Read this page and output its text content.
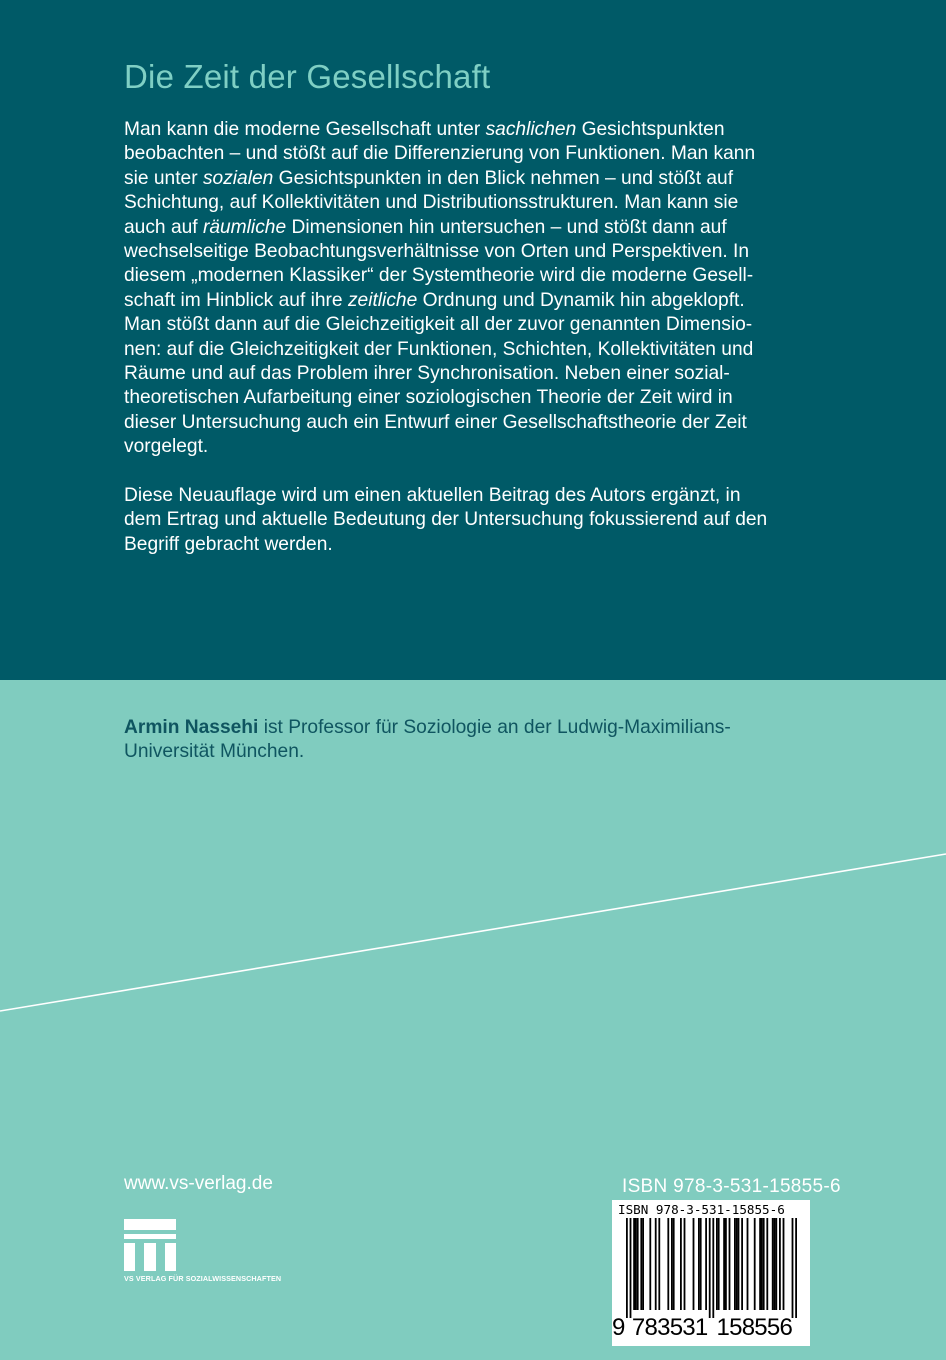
Die Zeit der Gesellschaft

Man kann die moderne Gesellschaft unter sachlichen Gesichtspunkten
beobachten – und stößt auf die Differenzierung von Funktionen. Man kann
sie unter sozialen Gesichtspunkten in den Blick nehmen – und stößt auf
Schichtung, auf Kollektivitäten und Distributionsstrukturen. Man kann sie
auch auf räumliche Dimensionen hin untersuchen – und stößt dann auf
wechselseitige Beobachtungsverhältnisse von Orten und Perspektiven. In
diesem „modernen Klassiker“ der Systemtheorie wird die moderne Gesell-
schaft im Hinblick auf ihre zeitliche Ordnung und Dynamik hin abgeklopft.
Man stößt dann auf die Gleichzeitigkeit all der zuvor genannten Dimensio-
nen: auf die Gleichzeitigkeit der Funktionen, Schichten, Kollektivitäten und
Räume und auf das Problem ihrer Synchronisation. Neben einer sozial-
theoretischen Aufarbeitung einer soziologischen Theorie der Zeit wird in
dieser Untersuchung auch ein Entwurf einer Gesellschaftstheorie der Zeit
vorgelegt.

Diese Neuauflage wird um einen aktuellen Beitrag des Autors ergänzt, in
dem Ertrag und aktuelle Bedeutung der Untersuchung fokussierend auf den
Begriff gebracht werden.

Armin Nassehi ist Professor für Soziologie an der Ludwig-Maximilians-
Universität München.
www.vs-verlag.de
VS VERLAG FÜR SOZIALWISSENSCHAFTEN
ISBN 978-3-531-15855-6
ISBN 978-3-531-15855-6
9 7 8 3 5 3 1 1 5 8 5 5 6
